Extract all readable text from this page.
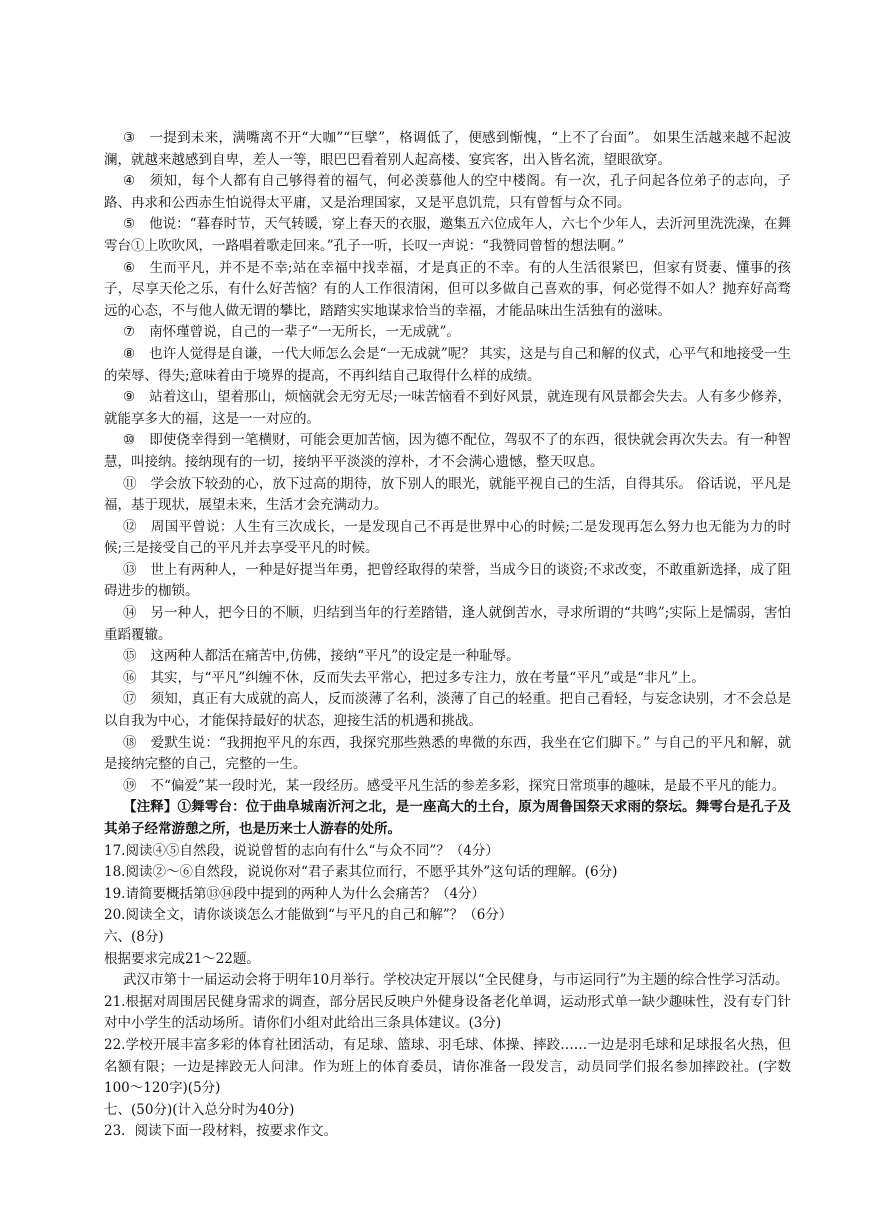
③ 一提到未来，满嘴离不开“大咖”“巨擘”，格调低了，便感到惭愧，“上不了台面”。 如果生活越来越不起波澜，就越来越感到自卑，差人一等，眼巴巴看着别人起高楼、宴宾客，出入皆名流，望眼欲穿。

④ 须知，每个人都有自己够得着的福气，何必羡慕他人的空中楼阁。有一次，孔子问起各位弟子的志向，子路、冉求和公西赤生怕说得太平庸，又是治理国家，又是平息饥荒，只有曾皙与众不同。

⑤ 他说：“暮春时节，天气转暖，穿上春天的衣服，邀集五六位成年人，六七个少年人，去沂河里洗洗澡，在舞雩台①上吹吹风，一路唱着歌走回来。”孔子一听，长叹一声说：“我赞同曾皙的想法啊。”

⑥ 生而平凡，并不是不幸;站在幸福中找幸福，才是真正的不幸。有的人生活很紧巴，但家有贤妻、懂事的孩子，尽享天伦之乐，有什么好苦恼？有的人工作很清闲，但可以多做自己喜欢的事，何必觉得不如人？抛弃好高骛远的心态，不与他人做无谓的攀比，踏踏实实地谋求恰当的幸福，才能品味出生活独有的滋味。

⑦ 南怀瑾曾说，自己的一辈子“一无所长，一无成就”。

⑧ 也许人觉得是自谦，一代大师怎么会是“一无成就”呢？ 其实，这是与自己和解的仪式，心平气和地接受一生的荣辱、得失;意味着由于境界的提高，不再纠结自己取得什么样的成绩。

⑨ 站着这山，望着那山，烦恼就会无穷无尽;一味苦恼看不到好风景，就连现有风景都会失去。人有多少修养，就能享多大的福，这是一一对应的。

⑩ 即使侥幸得到一笔横财，可能会更加苦恼，因为德不配位，驾驭不了的东西，很快就会再次失去。有一种智慧，叫接纳。接纳现有的一切，接纳平平淡淡的淳朴，才不会满心遗憾，整天叹息。

⑪ 学会放下较劲的心，放下过高的期待，放下别人的眼光，就能平视自己的生活，自得其乐。 俗话说，平凡是福，基于现状，展望未来，生活才会充满动力。

⑫ 周国平曾说：人生有三次成长，一是发现自己不再是世界中心的时候;二是发现再怎么努力也无能为力的时候;三是接受自己的平凡并去享受平凡的时候。

⑬ 世上有两种人，一种是好提当年勇，把曾经取得的荣誉，当成今日的谈资;不求改变，不敢重新选择，成了阻碍进步的枷锁。

⑭ 另一种人，把今日的不顺，归结到当年的行差踏错，逢人就倒苦水，寻求所谓的“共鸣”;实际上是懦弱，害怕重蹈覆辙。

⑮ 这两种人都活在痛苦中,仿佛，接纳“平凡”的设定是一种耻辱。

⑯ 其实，与“平凡”纠缠不休，反而失去平常心，把过多专注力，放在考量“平凡”或是“非凡”上。

⑰ 须知，真正有大成就的高人，反而淡薄了名利，淡薄了自己的轻重。把自己看轻，与妄念诀别，才不会总是以自我为中心，才能保持最好的状态，迎接生活的机遇和挑战。

⑱ 爱默生说：“我拥抱平凡的东西，我探究那些熟悉的卑微的东西，我坐在它们脚下。” 与自己的平凡和解，就是接纳完整的自己，完整的一生。

⑲ 不“偏爱”某一段时光，某一段经历。感受平凡生活的参差多彩，探究日常琐事的趣味，是最不平凡的能力。

【注释】①舞雩台：位于曲阜城南沂河之北，是一座高大的土台，原为周鲁国祭天求雨的祭坛。舞雩台是孔子及其弟子经常游憩之所，也是历来士人游春的处所。

17.阅读④⑤自然段，说说曾皙的志向有什么“与众不同”？（4分）

18.阅读②～⑥自然段，说说你对“君子素其位而行，不愿乎其外”这句话的理解。(6分)

19.请简要概括第⑬⑭段中提到的两种人为什么会痛苦？（4分）

20.阅读全文，请你谈谈怎么才能做到“与平凡的自己和解”？（6分）

六、(8分)

根据要求完成21～22题。

武汉市第十一届运动会将于明年10月举行。学校决定开展以“全民健身，与市运同行”为主题的综合性学习活动。

21.根据对周围居民健身需求的调查，部分居民反映户外健身设备老化单调，运动形式单一缺少趣味性，没有专门针对中小学生的活动场所。请你们小组对此给出三条具体建议。(3分)

22.学校开展丰富多彩的体育社团活动，有足球、篮球、羽毛球、体操、摔跤……一边是羽毛球和足球报名火热，但名额有限；一边是摔跤无人问津。作为班上的体育委员，请你准备一段发言，动员同学们报名参加摔跤社。(字数100～120字)(5分)

七、(50分)(计入总分时为40分)

23．阅读下面一段材料，按要求作文。
